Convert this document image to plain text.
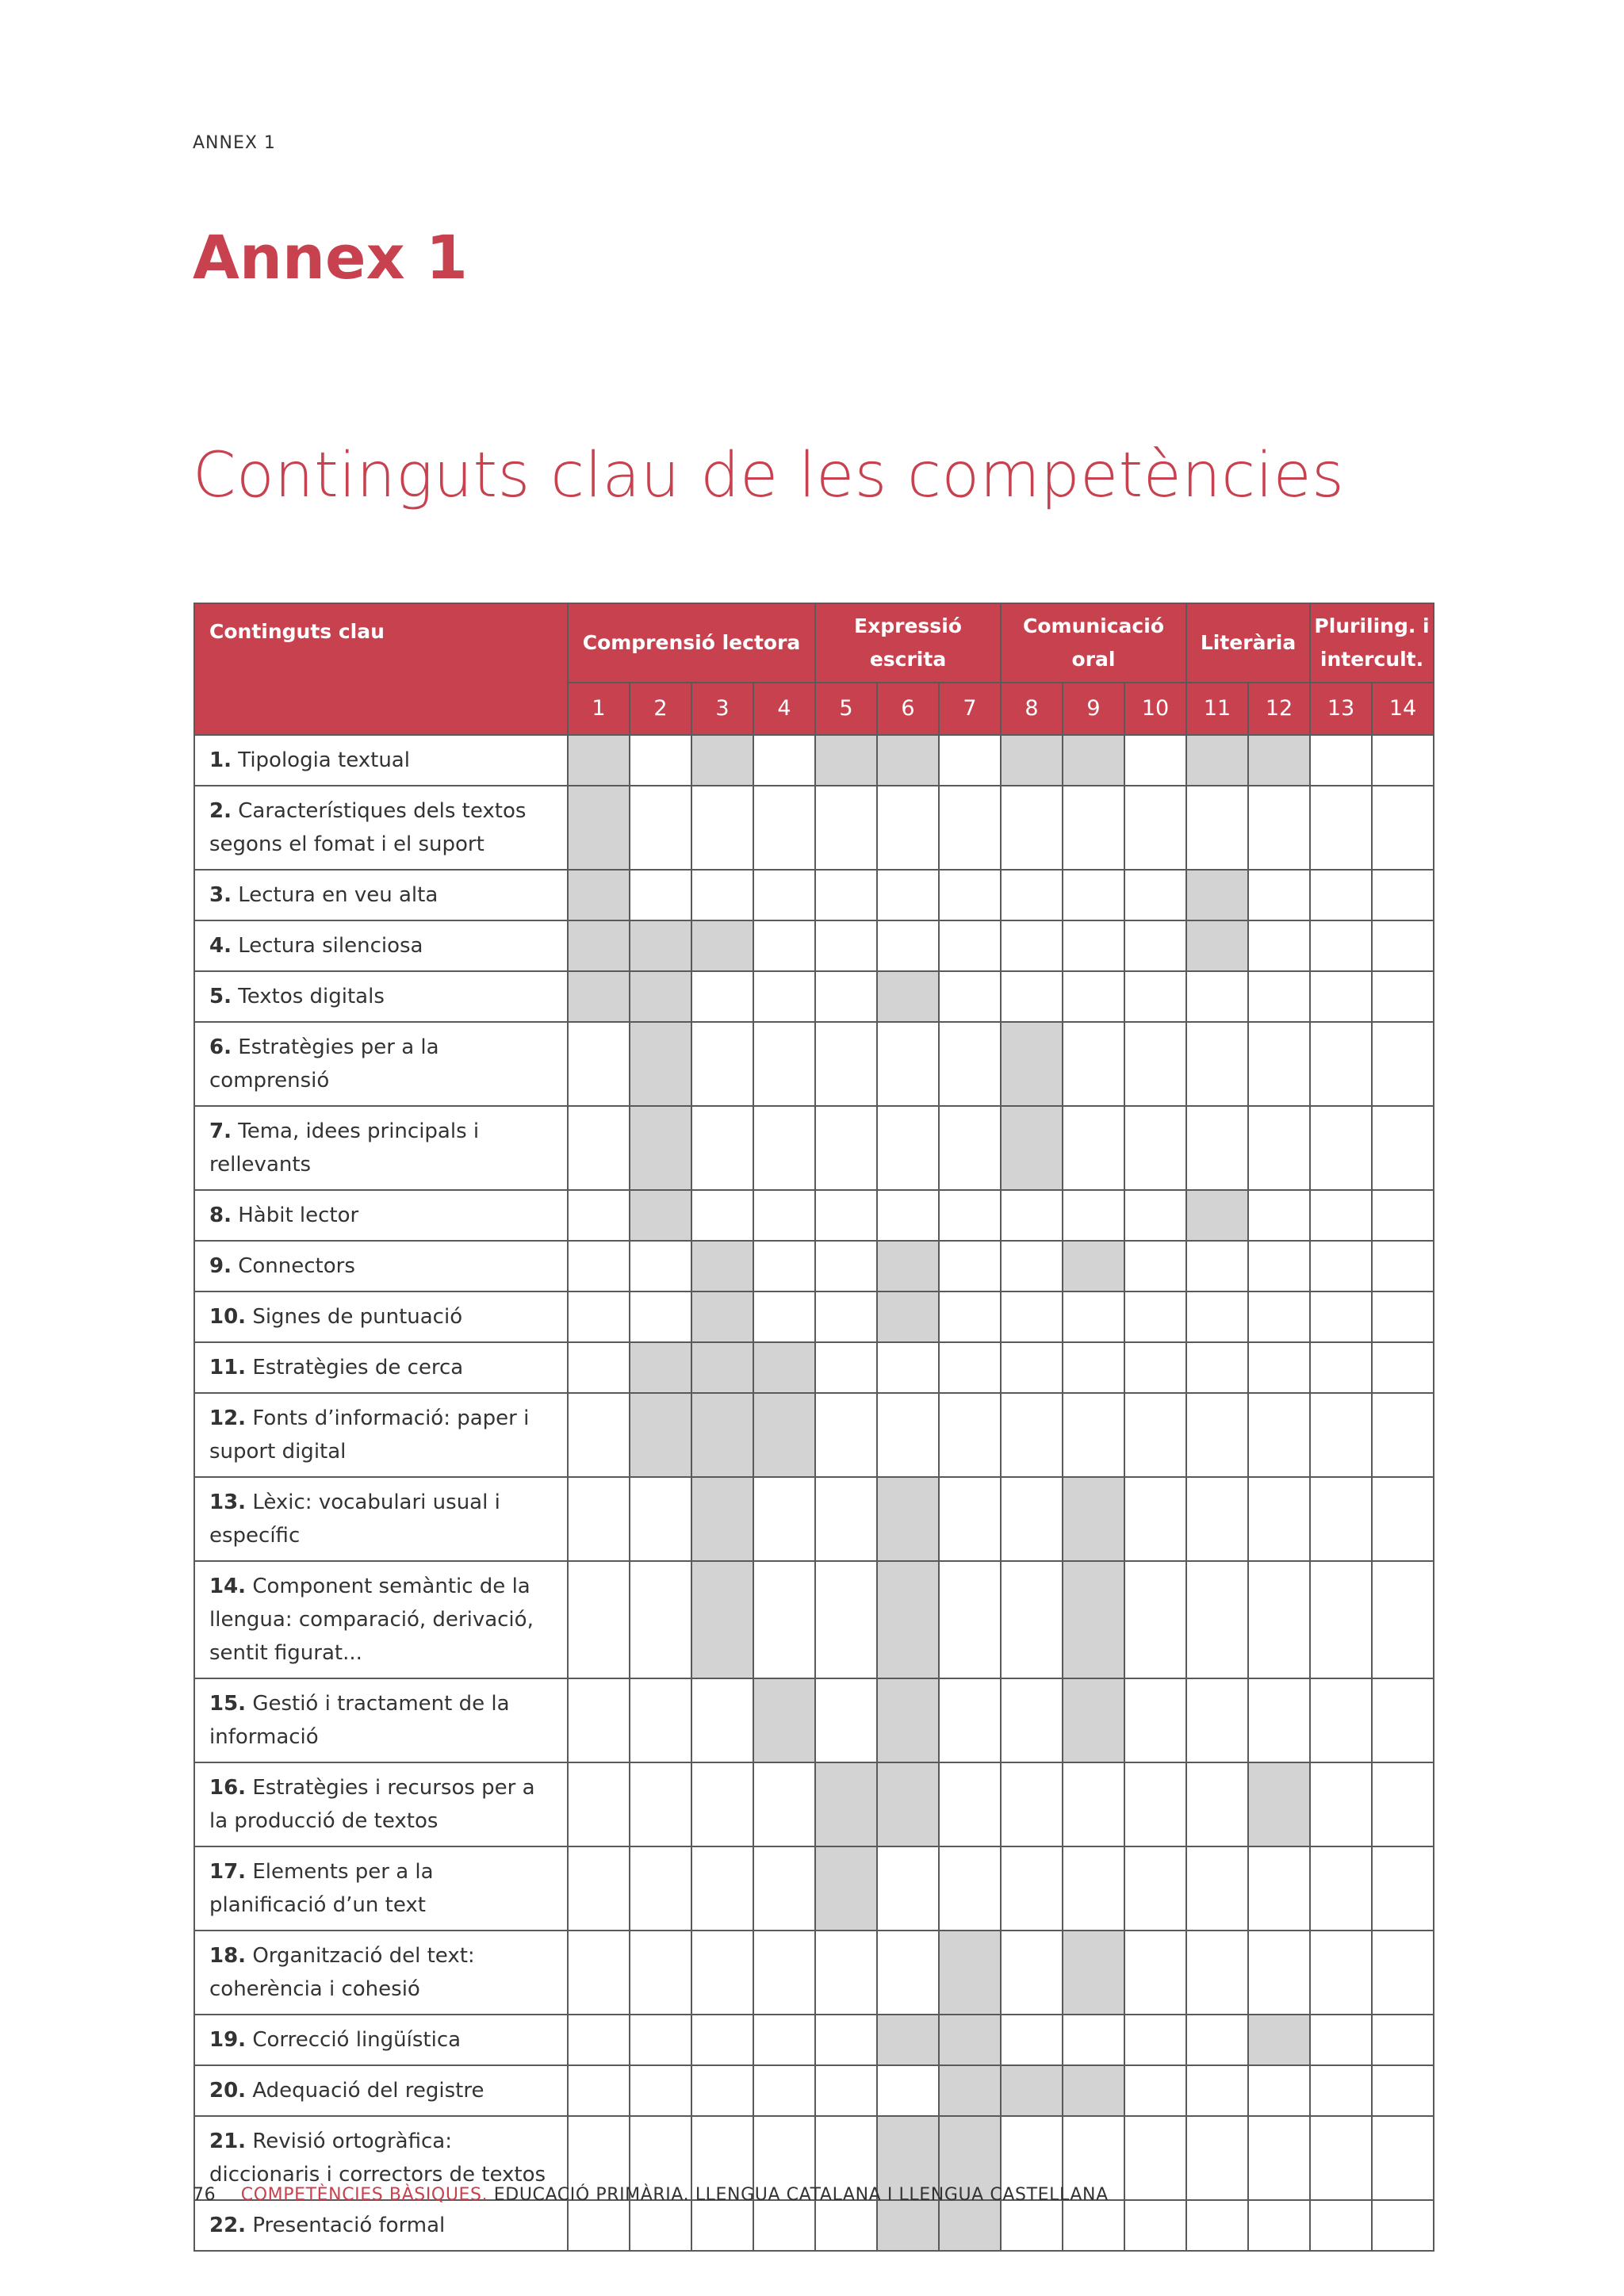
ANNEX 1
Annex 1
Continguts clau de les competències
Continguts clau	Comprensió lectora				Expressió escrita			Comunicació oral			Literària		Pluriling. i intercult.	
	1	2	3	4	5	6	7	8	9	10	11	12	13	14
1. Tipologia textual														
2. Característiques dels textos segons el fomat i el suport														
3. Lectura en veu alta														
4. Lectura silenciosa														
5. Textos digitals														
6. Estratègies per a la comprensió														
7. Tema, idees principals i rellevants														
8. Hàbit lector														
9. Connectors														
10. Signes de puntuació														
11. Estratègies de cerca														
12. Fonts d’informació: paper i suport digital														
13. Lèxic: vocabulari usual i específic														
14. Component semàntic de la llengua: comparació, derivació, sentit figurat...														
15. Gestió i tractament de la informació														
16. Estratègies i recursos per a la producció de textos														
17. Elements per a la planificació d’un text														
18. Organització del text: coherència i cohesió														
19. Correcció lingüística														
20. Adequació del registre														
21. Revisió ortogràfica: diccionaris i correctors de textos														
22. Presentació formal														
76 COMPETÈNCIES BÀSIQUES. EDUCACIÓ PRIMÀRIA. LLENGUA CATALANA I LLENGUA CASTELLANA
